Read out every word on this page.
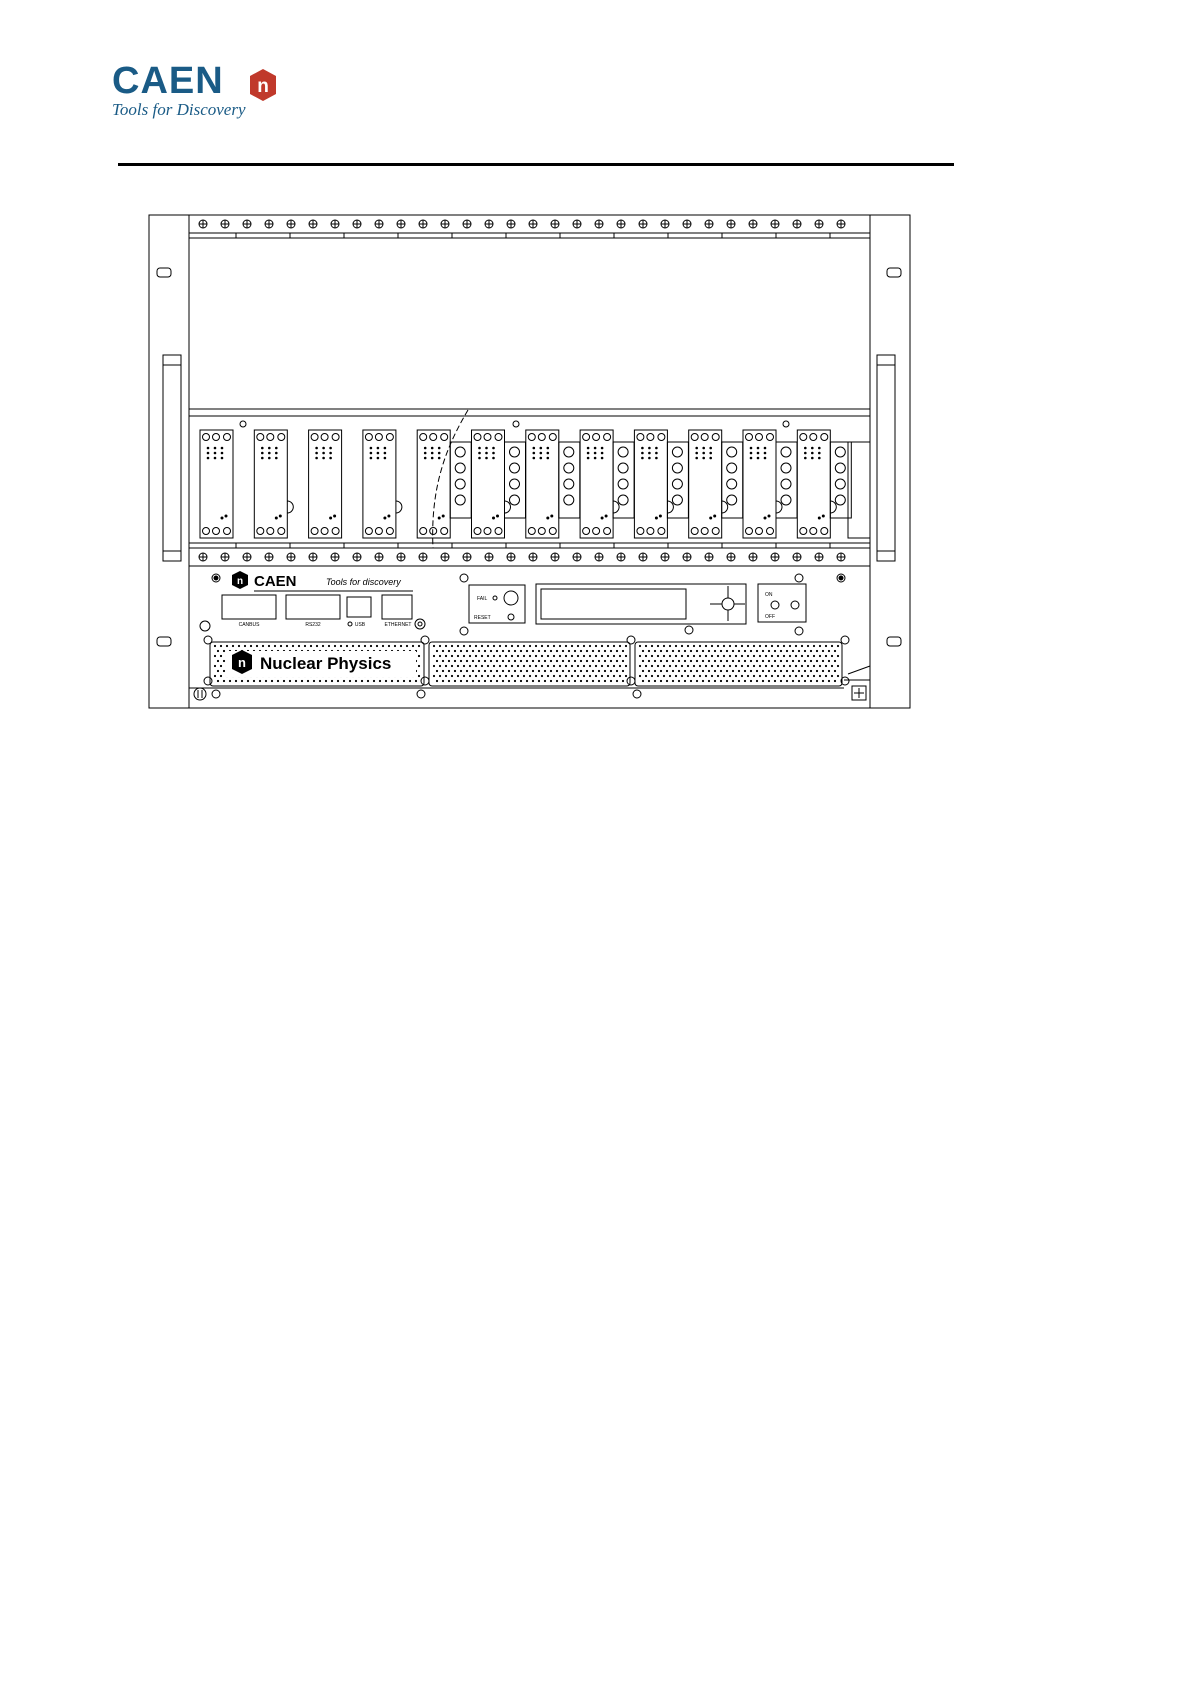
CAEN
Tools for Discovery
n
n CAEN	Tools for discovery
CANBUS	RS232	USB	ETHERNET
FAIL
RESET
ON
OFF
n Nuclear Physics
